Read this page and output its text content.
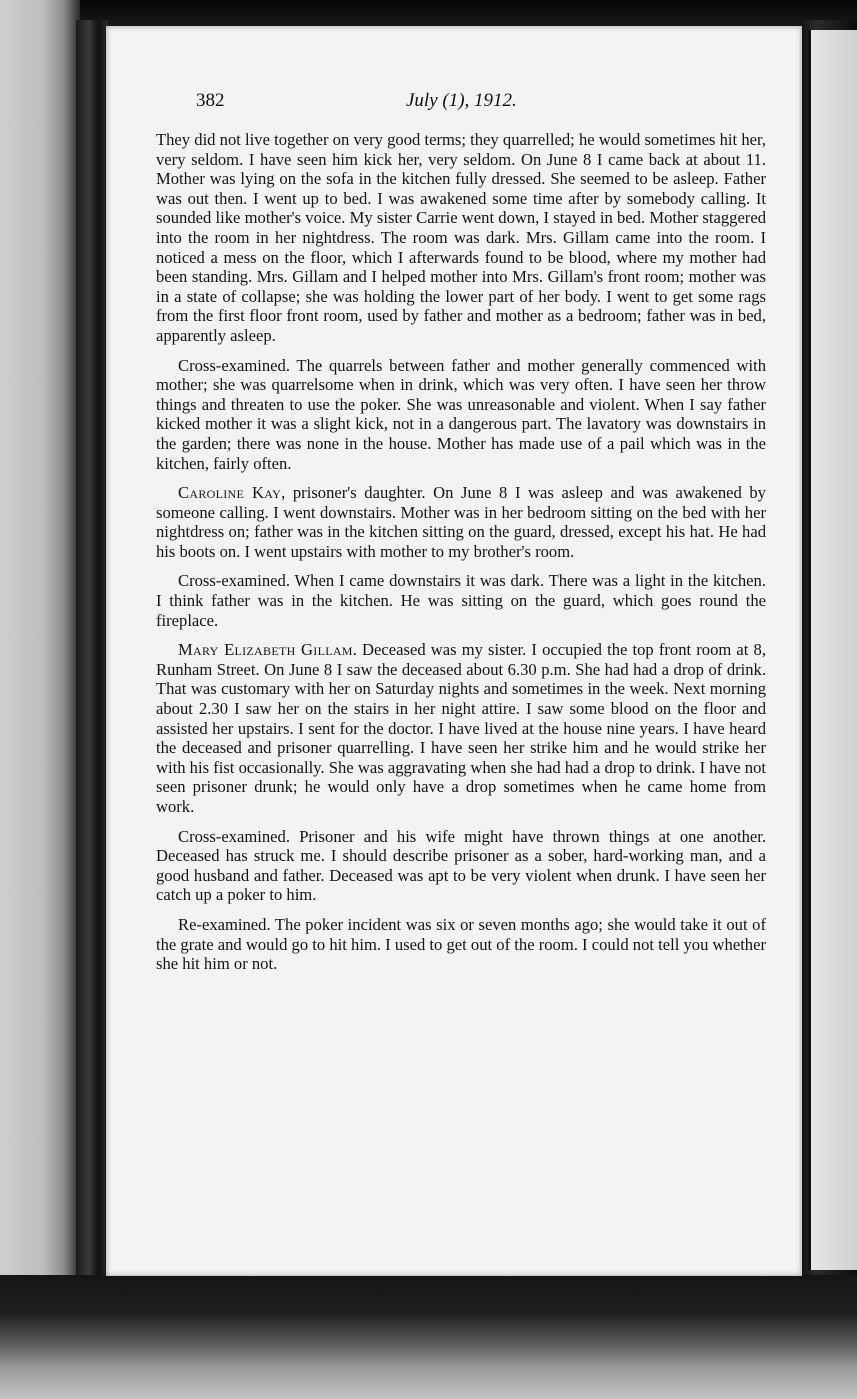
382	July (1), 1912.

They did not live together on very good terms; they quarrelled; he would sometimes hit her, very seldom. I have seen him kick her, very seldom. On June 8 I came back at about 11. Mother was lying on the sofa in the kitchen fully dressed. She seemed to be asleep. Father was out then. I went up to bed. I was awakened some time after by somebody calling. It sounded like mother's voice. My sister Carrie went down, I stayed in bed. Mother staggered into the room in her nightdress. The room was dark. Mrs. Gillam came into the room. I noticed a mess on the floor, which I afterwards found to be blood, where my mother had been standing. Mrs. Gillam and I helped mother into Mrs. Gillam's front room; mother was in a state of collapse; she was holding the lower part of her body. I went to get some rags from the first floor front room, used by father and mother as a bedroom; father was in bed, apparently asleep.

Cross-examined. The quarrels between father and mother generally commenced with mother; she was quarrelsome when in drink, which was very often. I have seen her throw things and threaten to use the poker. She was unreasonable and violent. When I say father kicked mother it was a slight kick, not in a dangerous part. The lavatory was downstairs in the garden; there was none in the house. Mother has made use of a pail which was in the kitchen, fairly often.

Caroline Kay, prisoner's daughter. On June 8 I was asleep and was awakened by someone calling. I went downstairs. Mother was in her bedroom sitting on the bed with her nightdress on; father was in the kitchen sitting on the guard, dressed, except his hat. He had his boots on. I went upstairs with mother to my brother's room.

Cross-examined. When I came downstairs it was dark. There was a light in the kitchen. I think father was in the kitchen. He was sitting on the guard, which goes round the fireplace.

Mary Elizabeth Gillam. Deceased was my sister. I occupied the top front room at 8, Runham Street. On June 8 I saw the deceased about 6.30 p.m. She had had a drop of drink. That was customary with her on Saturday nights and sometimes in the week. Next morning about 2.30 I saw her on the stairs in her night attire. I saw some blood on the floor and assisted her upstairs. I sent for the doctor. I have lived at the house nine years. I have heard the deceased and prisoner quarrelling. I have seen her strike him and he would strike her with his fist occasionally. She was aggravating when she had had a drop to drink. I have not seen prisoner drunk; he would only have a drop sometimes when he came home from work.

Cross-examined. Prisoner and his wife might have thrown things at one another. Deceased has struck me. I should describe prisoner as a sober, hard-working man, and a good husband and father. Deceased was apt to be very violent when drunk. I have seen her catch up a poker to him.

Re-examined. The poker incident was six or seven months ago; she would take it out of the grate and would go to hit him. I used to get out of the room. I could not tell you whether she hit him or not.
